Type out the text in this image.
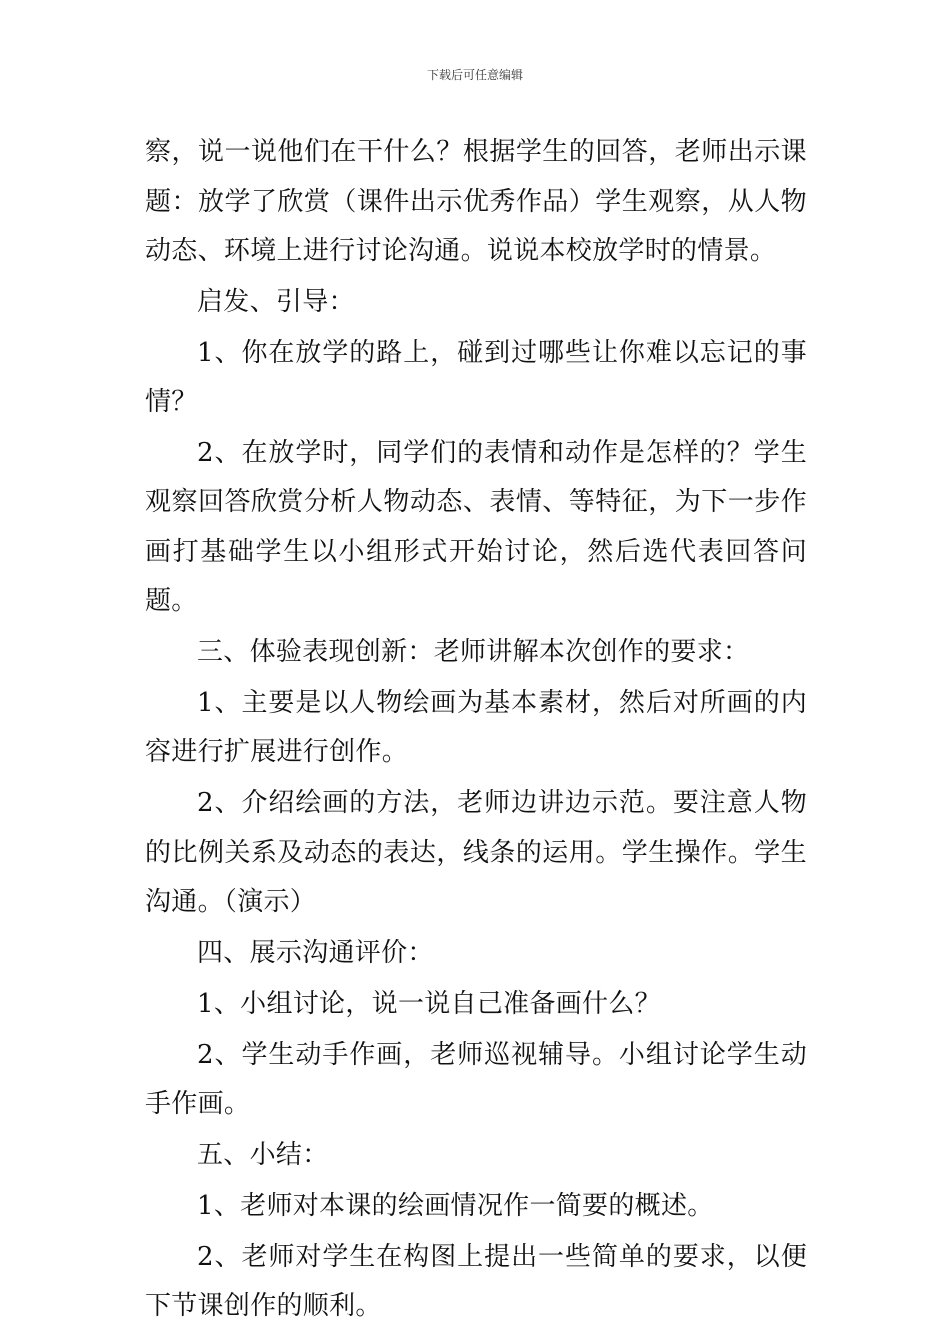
下载后可任意编辑

察，说一说他们在干什么？根据学生的回答，老师出示课题：放学了欣赏（课件出示优秀作品）学生观察，从人物动态、环境上进行讨论沟通。说说本校放学时的情景。

启发、引导：

1、你在放学的路上，碰到过哪些让你难以忘记的事情？

2、在放学时，同学们的表情和动作是怎样的？学生观察回答欣赏分析人物动态、表情、等特征，为下一步作画打基础学生以小组形式开始讨论，然后选代表回答问题。

三、体验表现创新：老师讲解本次创作的要求：

1、主要是以人物绘画为基本素材，然后对所画的内容进行扩展进行创作。

2、介绍绘画的方法，老师边讲边示范。要注意人物的比例关系及动态的表达，线条的运用。学生操作。学生沟通。（演示）

四、展示沟通评价：

1、小组讨论，说一说自己准备画什么？

2、学生动手作画，老师巡视辅导。小组讨论学生动手作画。

五、小结：

1、老师对本课的绘画情况作一简要的概述。

2、老师对学生在构图上提出一些简单的要求，以便下节课创作的顺利。
